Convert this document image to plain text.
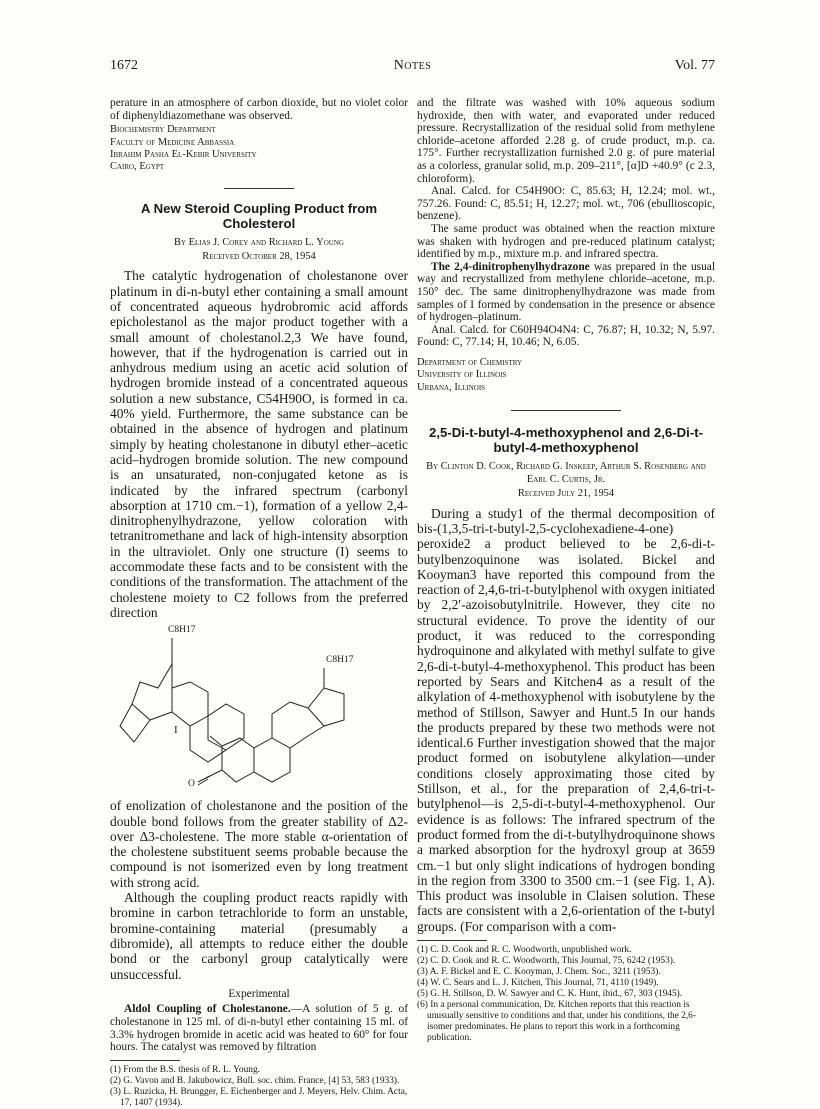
1672	Notes	Vol. 77

perature in an atmosphere of carbon dioxide, but no violet color of diphenyldiazomethane was observed.

Biochemistry Department
Faculty of Medicine Abbassia
Ibrahim Pasha El-Kebir University
Cairo, Egypt
A New Steroid Coupling Product from Cholesterol
By Elias J. Corey and Richard L. Young
Received October 28, 1954

The catalytic hydrogenation of cholestanone over platinum in di-n-butyl ether containing a small amount of concentrated aqueous hydrobromic acid affords epicholestanol as the major product together with a small amount of cholestanol.2,3 We have found, however, that if the hydrogenation is carried out in anhydrous medium using an acetic acid solution of hydrogen bromide instead of a concentrated aqueous solution a new substance, C54H90O, is formed in ca. 40% yield. Furthermore, the same substance can be obtained in the absence of hydrogen and platinum simply by heating cholestanone in dibutyl ether–acetic acid–hydrogen bromide solution. The new compound is an unsaturated, non-conjugated ketone as is indicated by the infrared spectrum (carbonyl absorption at 1710 cm.−1), formation of a yellow 2,4-dinitrophenylhydrazone, yellow coloration with tetranitromethane and lack of high-intensity absorption in the ultraviolet. Only one structure (I) seems to accommodate these facts and to be consistent with the conditions of the transformation. The attachment of the cholestene moiety to C2 follows from the preferred direction

C8H17
C8H17
I
O

of enolization of cholestanone and the position of the double bond follows from the greater stability of Δ2- over Δ3-cholestene. The more stable α-orientation of the cholestene substituent seems probable because the compound is not isomerized even by long treatment with strong acid.

Although the coupling product reacts rapidly with bromine in carbon tetrachloride to form an unstable, bromine-containing material (presumably a dibromide), all attempts to reduce either the double bond or the carbonyl group catalytically were unsuccessful.

Experimental

Aldol Coupling of Cholestanone.—A solution of 5 g. of cholestanone in 125 ml. of di-n-butyl ether containing 15 ml. of 3.3% hydrogen bromide in acetic acid was heated to 60° for four hours. The catalyst was removed by filtration

(1) From the B.S. thesis of R. L. Young.

(2) G. Vavon and B. Jakubowicz, Bull. soc. chim. France, [4] 53, 583 (1933).

(3) L. Ruzicka, H. Brungger, E. Eichenberger and J. Meyers, Helv. Chim. Acta, 17, 1407 (1934).

and the filtrate was washed with 10% aqueous sodium hydroxide, then with water, and evaporated under reduced pressure. Recrystallization of the residual solid from methylene chloride–acetone afforded 2.28 g. of crude product, m.p. ca. 175°. Further recrystallization furnished 2.0 g. of pure material as a colorless, granular solid, m.p. 209–211°, [α]D +40.9° (c 2.3, chloroform).

Anal. Calcd. for C54H90O: C, 85.63; H, 12.24; mol. wt., 757.26. Found: C, 85.51; H, 12.27; mol. wt., 706 (ebullioscopic, benzene).

The same product was obtained when the reaction mixture was shaken with hydrogen and pre-reduced platinum catalyst; identified by m.p., mixture m.p. and infrared spectra.

The 2,4-dinitrophenylhydrazone was prepared in the usual way and recrystallized from methylene chloride–acetone, m.p. 150° dec. The same dinitrophenylhydrazone was made from samples of I formed by condensation in the presence or absence of hydrogen–platinum.

Anal. Calcd. for C60H94O4N4: C, 76.87; H, 10.32; N, 5.97. Found: C, 77.14; H, 10.46; N, 6.05.

Department of Chemistry
University of Illinois
Urbana, Illinois
2,5-Di-t-butyl-4-methoxyphenol and 2,6-Di-t-butyl-4-methoxyphenol
By Clinton D. Cook, Richard G. Inskeep, Arthur S. Rosenberg and Earl C. Curtis, Jr.
Received July 21, 1954

During a study1 of the thermal decomposition of bis-(1,3,5-tri-t-butyl-2,5-cyclohexadiene-4-one) peroxide2 a product believed to be 2,6-di-t-butylbenzoquinone was isolated. Bickel and Kooyman3 have reported this compound from the reaction of 2,4,6-tri-t-butylphenol with oxygen initiated by 2,2′-azoisobutylnitrile. However, they cite no structural evidence. To prove the identity of our product, it was reduced to the corresponding hydroquinone and alkylated with methyl sulfate to give 2,6-di-t-butyl-4-methoxyphenol. This product has been reported by Sears and Kitchen4 as a result of the alkylation of 4-methoxyphenol with isobutylene by the method of Stillson, Sawyer and Hunt.5 In our hands the products prepared by these two methods were not identical.6 Further investigation showed that the major product formed on isobutylene alkylation—under conditions closely approximating those cited by Stillson, et al., for the preparation of 2,4,6-tri-t-butylphenol—is 2,5-di-t-butyl-4-methoxyphenol. Our evidence is as follows: The infrared spectrum of the product formed from the di-t-butylhydroquinone shows a marked absorption for the hydroxyl group at 3659 cm.−1 but only slight indications of hydrogen bonding in the region from 3300 to 3500 cm.−1 (see Fig. 1, A). This product was insoluble in Claisen solution. These facts are consistent with a 2,6-orientation of the t-butyl groups. (For comparison with a com-

(1) C. D. Cook and R. C. Woodworth, unpublished work.

(2) C. D. Cook and R. C. Woodworth, This Journal, 75, 6242 (1953).

(3) A. F. Bickel and E. C. Kooyman, J. Chem. Soc., 3211 (1953).

(4) W. C. Sears and L. J. Kitchen, This Journal, 71, 4110 (1949).

(5) G. H. Stillson, D. W. Sawyer and C. K. Hunt, ibid., 67, 303 (1945).

(6) In a personal communication, Dr. Kitchen reports that this reaction is unusually sensitive to conditions and that, under his conditions, the 2,6-isomer predominates. He plans to report this work in a forthcoming publication.
